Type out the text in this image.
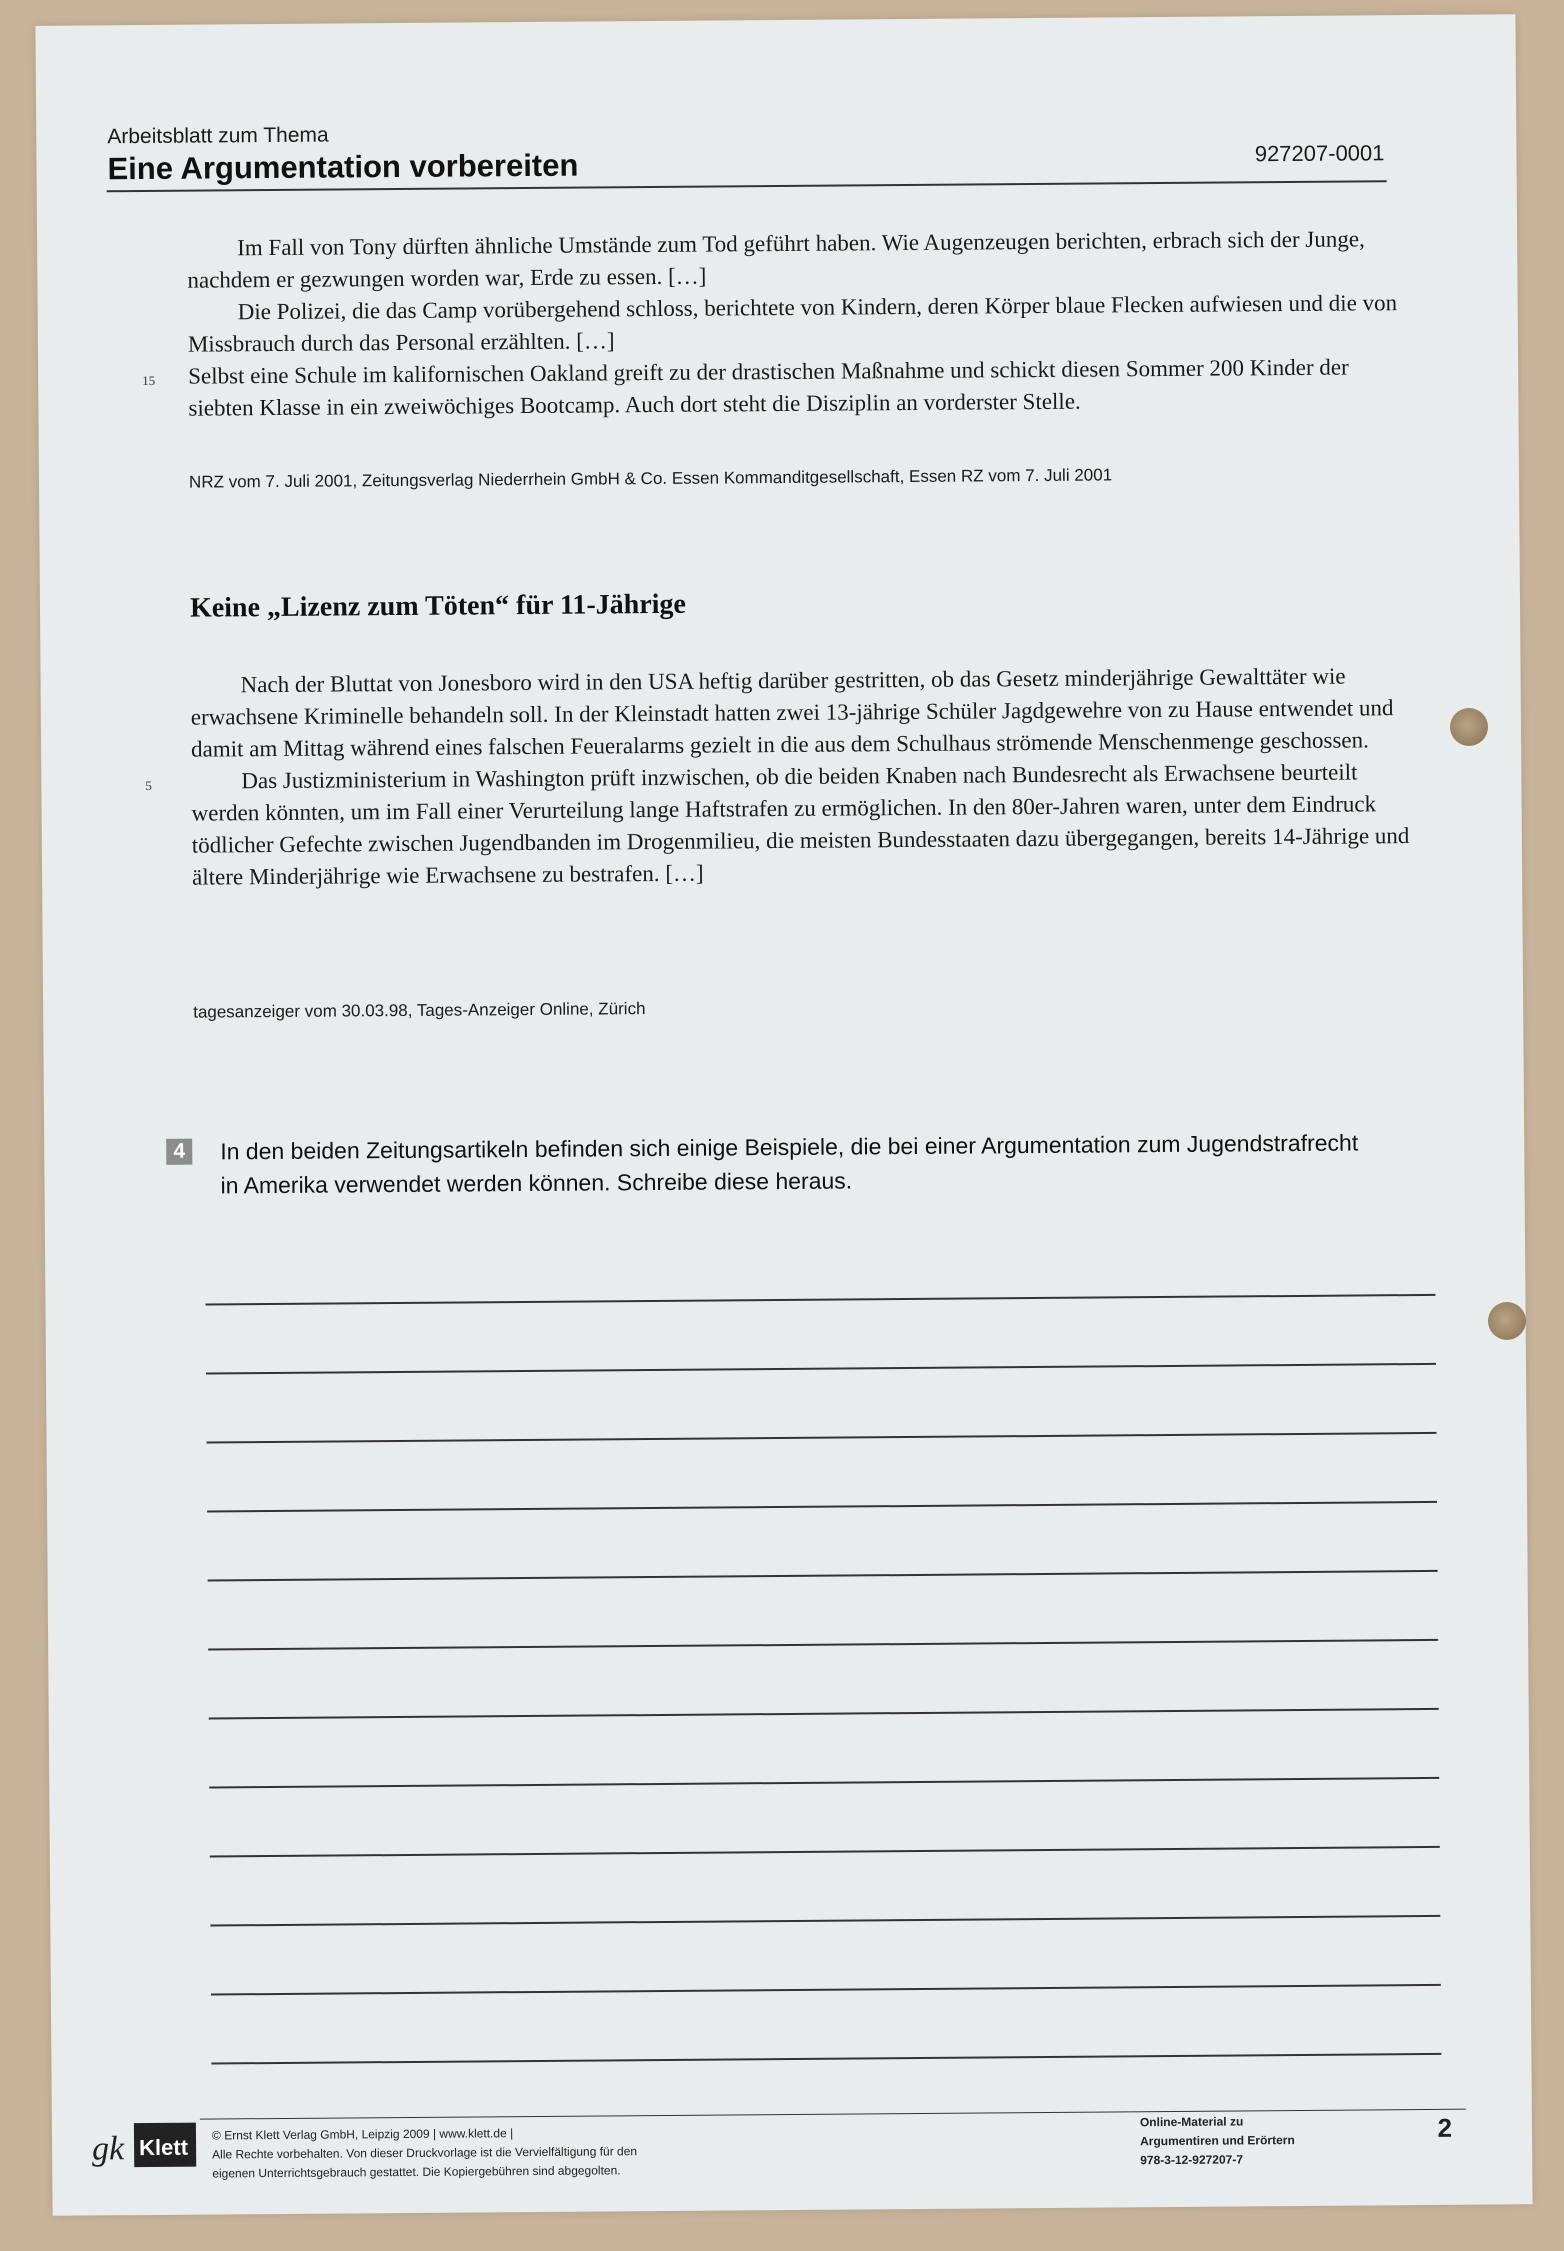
Arbeitsblatt zum Thema
Eine Argumentation vorbereiten	927207-0001

Im Fall von Tony dürften ähnliche Umstände zum Tod geführt haben. Wie Augenzeugen berichten, erbrach sich der Junge, nachdem er gezwungen worden war, Erde zu essen. […]

Die Polizei, die das Camp vorübergehend schloss, berichtete von Kindern, deren Körper blaue Flecken aufwiesen und die von Missbrauch durch das Personal erzählten. […]

15 Selbst eine Schule im kalifornischen Oakland greift zu der drastischen Maßnahme und schickt diesen Sommer 200 Kinder der siebten Klasse in ein zweiwöchiges Bootcamp. Auch dort steht die Disziplin an vorderster Stelle.

NRZ vom 7. Juli 2001, Zeitungsverlag Niederrhein GmbH & Co. Essen Kommanditgesellschaft, Essen RZ vom 7. Juli 2001
Keine „Lizenz zum Töten“ für 11-Jährige

Nach der Bluttat von Jonesboro wird in den USA heftig darüber gestritten, ob das Gesetz minderjährige Gewalttäter wie erwachsene Kriminelle behandeln soll. In der Kleinstadt hatten zwei 13-jährige Schüler Jagdgewehre von zu Hause entwendet und damit am Mittag während eines falschen Feueralarms gezielt in die aus dem Schulhaus strömende Menschenmenge geschossen.

5	Das Justizministerium in Washington prüft inzwischen, ob die beiden Knaben nach Bundesrecht als Erwachsene beurteilt werden könnten, um im Fall einer Verurteilung lange Haftstrafen zu ermöglichen. In den 80er-Jahren waren, unter dem Eindruck tödlicher Gefechte zwischen Jugendbanden im Drogenmilieu, die meisten Bundesstaaten dazu übergegangen, bereits 14-Jährige und ältere Minderjährige wie Erwachsene zu bestrafen. […]

tagesanzeiger vom 30.03.98, Tages-Anzeiger Online, Zürich
4	In den beiden Zeitungsartikeln befinden sich einige Beispiele, die bei einer Argumentation zum Jugendstrafrecht in Amerika verwendet werden können. Schreibe diese heraus.
gk Klett
© Ernst Klett Verlag GmbH, Leipzig 2009 | www.klett.de |
Alle Rechte vorbehalten. Von dieser Druckvorlage ist die Vervielfältigung für den
eigenen Unterrichtsgebrauch gestattet. Die Kopiergebühren sind abgegolten.
Online-Material zu
Argumentiren und Erörtern
978-3-12-927207-7
2
